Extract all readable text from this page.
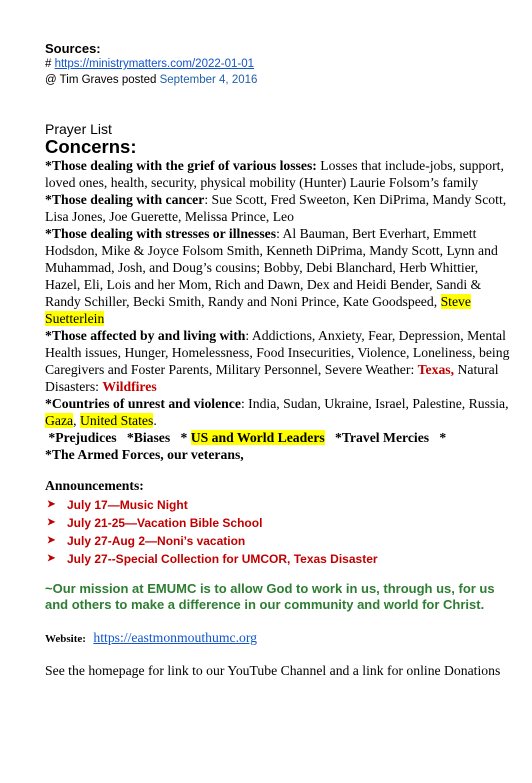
Sources:
# https://ministrymatters.com/2022-01-01
@ Tim Graves posted September 4, 2016
Prayer List
Concerns:
*Those dealing with the grief of various losses: Losses that include-jobs, support, loved ones, health, security, physical mobility (Hunter) Laurie Folsom’s family
*Those dealing with cancer: Sue Scott, Fred Sweeton, Ken DiPrima, Mandy Scott, Lisa Jones, Joe Guerette, Melissa Prince, Leo
*Those dealing with stresses or illnesses: Al Bauman, Bert Everhart, Emmett Hodsdon, Mike & Joyce Folsom Smith, Kenneth DiPrima, Mandy Scott, Lynn and Muhammad, Josh, and Doug’s cousins; Bobby, Debi Blanchard, Herb Whittier, Hazel, Eli, Lois and her Mom, Rich and Dawn, Dex and Heidi Bender, Sandi & Randy Schiller, Becki Smith, Randy and Noni Prince, Kate Goodspeed, Steve Suetterlein
*Those affected by and living with: Addictions, Anxiety, Fear, Depression, Mental Health issues, Hunger, Homelessness, Food Insecurities, Violence, Loneliness, being Caregivers and Foster Parents, Military Personnel, Severe Weather: Texas, Natural Disasters: Wildfires
*Countries of unrest and violence: India, Sudan, Ukraine, Israel, Palestine, Russia, Gaza, United States.
*Prejudices   *Biases   * US and World Leaders   *Travel Mercies   *
*The Armed Forces, our veterans,
Announcements:
➤ July 17—Music Night
➤ July 21-25—Vacation Bible School
➤ July 27-Aug 2—Noni’s vacation
➤ July 27--Special Collection for UMCOR, Texas Disaster
~Our mission at EMUMC is to allow God to work in us, through us, for us and others to make a difference in our community and world for Christ.
Website: https://eastmonmouthumc.org
See the homepage for link to our YouTube Channel and a link for online Donations
